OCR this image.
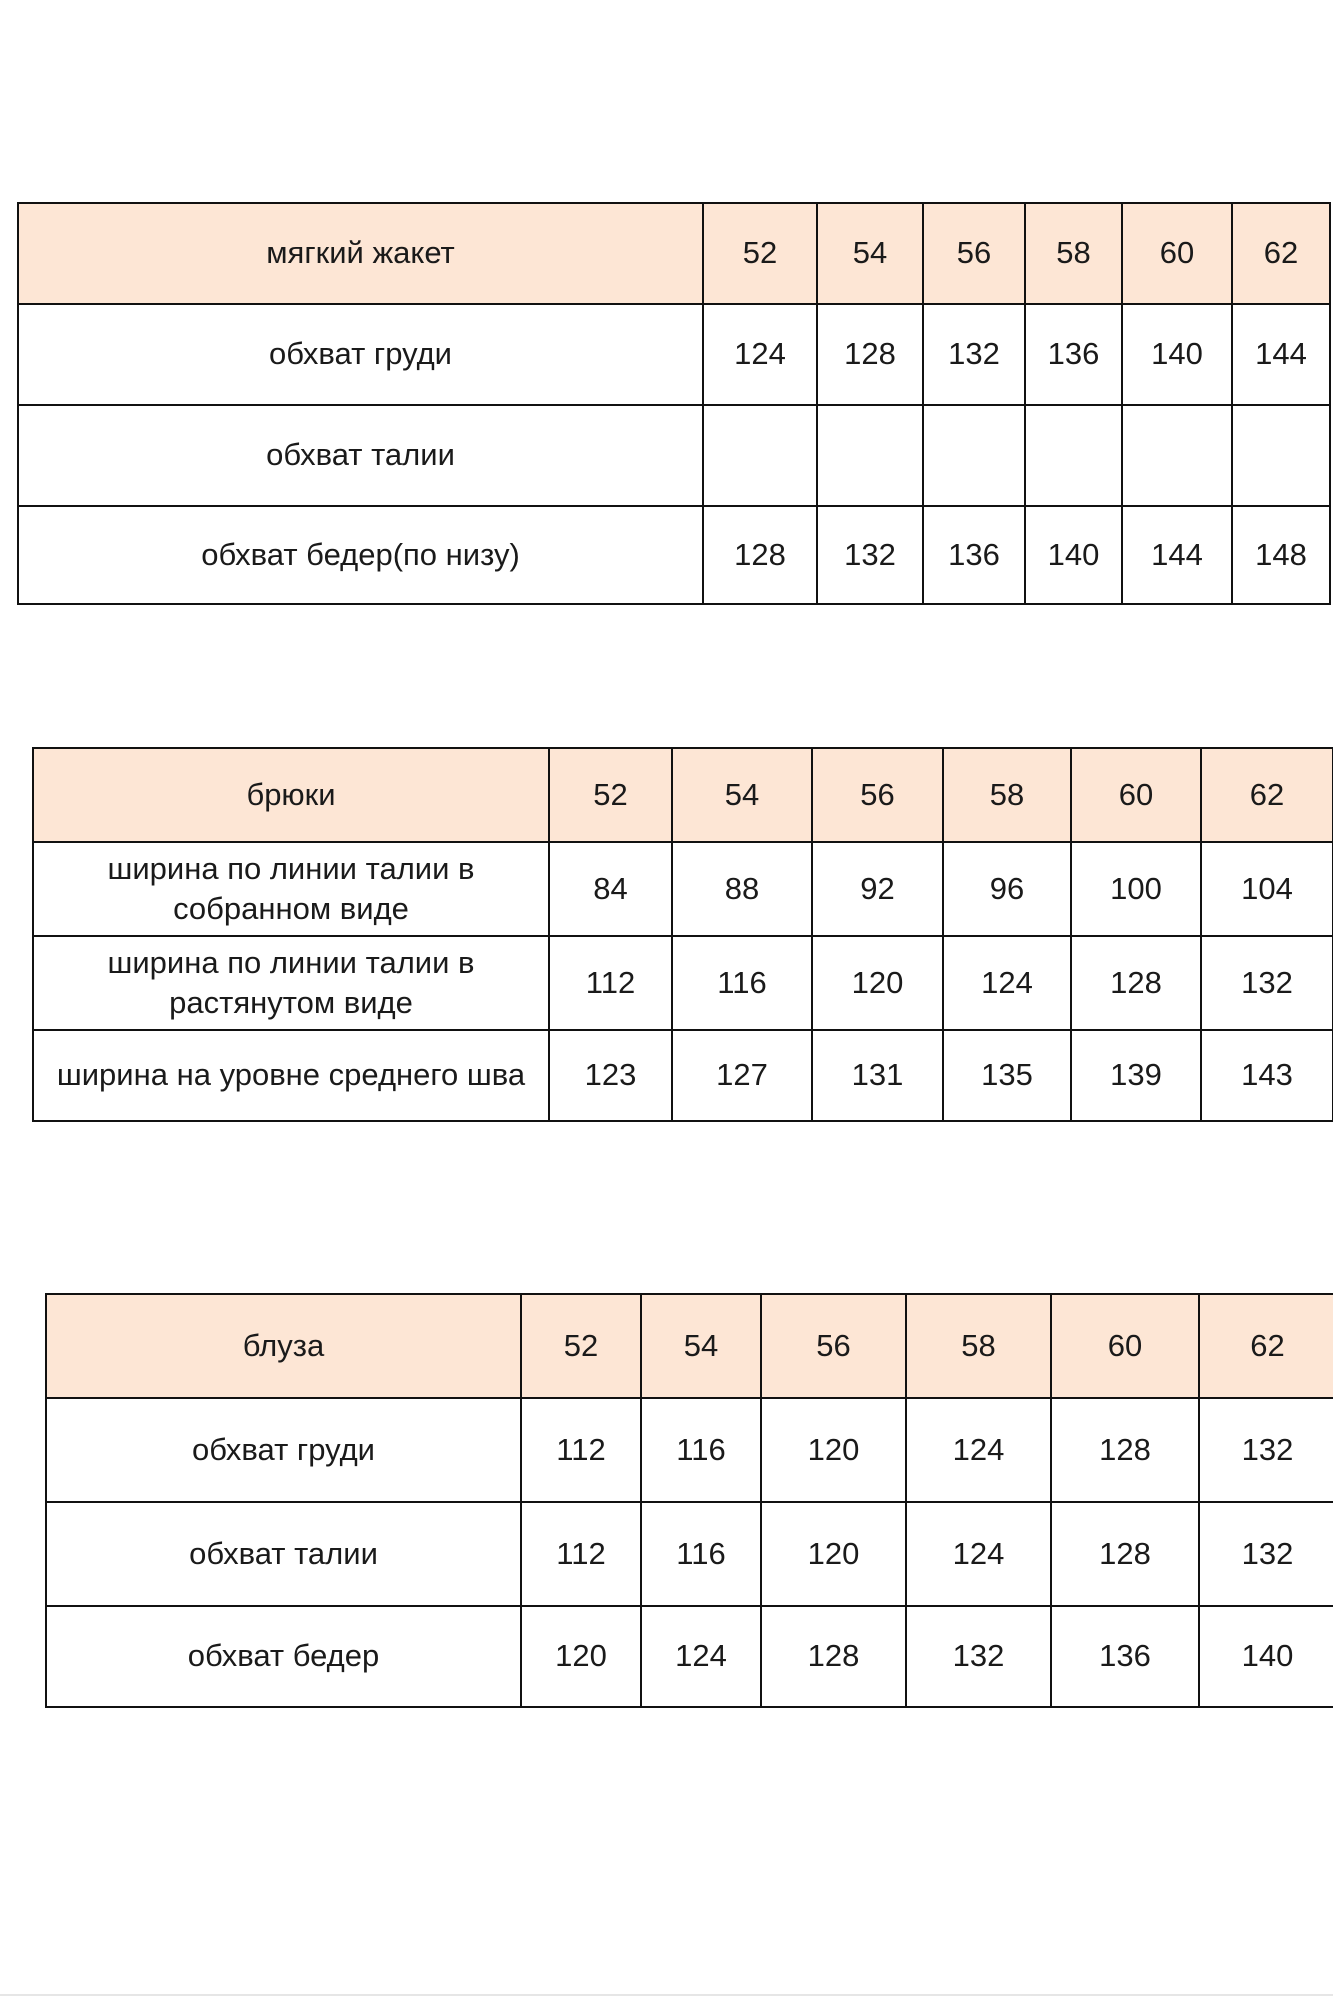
мягкий жакет	52	54	56	58	60	62
обхват груди	124	128	132	136	140	144
обхват талии						
обхват бедер(по низу)	128	132	136	140	144	148
брюки	52	54	56	58	60	62
ширина по линии талии в собранном виде	84	88	92	96	100	104
ширина по линии талии в растянутом виде	112	116	120	124	128	132
ширина на уровне среднего шва	123	127	131	135	139	143
блуза	52	54	56	58	60	62
обхват груди	112	116	120	124	128	132
обхват талии	112	116	120	124	128	132
обхват бедер	120	124	128	132	136	140
